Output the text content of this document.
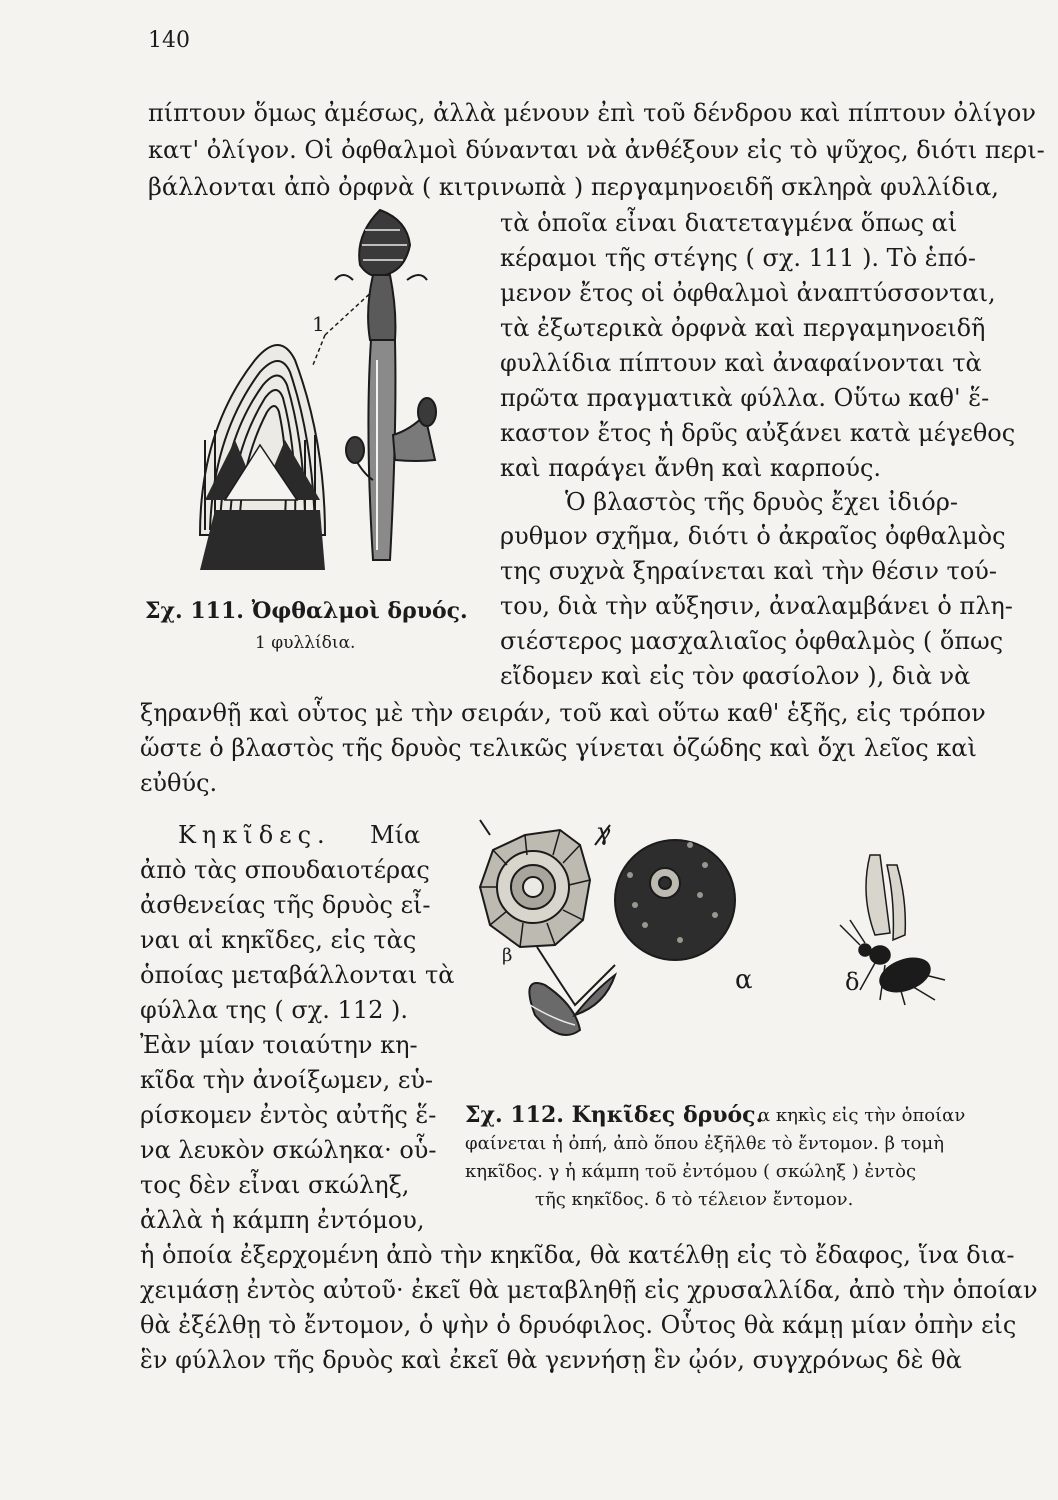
140
πίπτουν ὅμως ἀμέσως, ἀλλὰ μένουν ἐπὶ τοῦ δένδρου καὶ πίπτουν ὀλίγον
κατ' ὀλίγον. Οἱ ὀφθαλμοὶ δύνανται νὰ ἀνθέξουν εἰς τὸ ψῦχος, διότι περι-
βάλλονται ἀπὸ ὀρφνὰ ( κιτρινωπὰ ) περγαμηνοειδῆ σκληρὰ φυλλίδια,
τὰ ὁποῖα εἶναι διατεταγμένα ὅπως αἱ
κέραμοι τῆς στέγης ( σχ. 111 ). Τὸ ἑπό-
μενον ἔτος οἱ ὀφθαλμοὶ ἀναπτύσσονται,
τὰ ἐξωτερικὰ ὀρφνὰ καὶ περγαμηνοειδῆ
φυλλίδια πίπτουν καὶ ἀναφαίνονται τὰ
πρῶτα πραγματικὰ φύλλα. Οὕτω καθ' ἕ-
καστον ἔτος ἡ δρῦς αὐξάνει κατὰ μέγεθος
καὶ παράγει ἄνθη καὶ καρπούς.
Ὁ βλαστὸς τῆς δρυὸς ἔχει ἰδιόρ-
ρυθμον σχῆμα, διότι ὁ ἀκραῖος ὀφθαλμὸς
της συχνὰ ξηραίνεται καὶ τὴν θέσιν τού-
του, διὰ τὴν αὔξησιν, ἀναλαμβάνει ὁ πλη-
σιέστερος μασχαλιαῖος ὀφθαλμὸς ( ὅπως
εἴδομεν καὶ εἰς τὸν φασίολον ), διὰ νὰ
ξηρανθῇ καὶ οὗτος μὲ τὴν σειράν, τοῦ καὶ οὕτω καθ' ἑξῆς, εἰς τρόπον
ὥστε ὁ βλαστὸς τῆς δρυὸς τελικῶς γίνεται ὀζώδης καὶ ὄχι λεῖος καὶ
εὐθύς.
Κηκῖδες. Μία
ἀπὸ τὰς σπουδαιοτέρας
ἀσθενείας τῆς δρυὸς εἶ-
ναι αἱ κηκῖδες, εἰς τὰς
ὁποίας μεταβάλλονται τὰ
φύλλα της ( σχ. 112 ).
Ἐὰν μίαν τοιαύτην κη-
κῖδα τὴν ἀνοίξωμεν, εὑ-
ρίσκομεν ἐντὸς αὐτῆς ἕ-
να λευκὸν σκώληκα· οὗ-
τος δὲν εἶναι σκώληξ,
ἀλλὰ ἡ κάμπη ἐντόμου,
ἡ ὁποία ἐξερχομένη ἀπὸ τὴν κηκῖδα, θὰ κατέλθῃ εἰς τὸ ἔδαφος, ἵνα δια-
χειμάσῃ ἐντὸς αὐτοῦ· ἐκεῖ θὰ μεταβληθῇ εἰς χρυσαλλίδα, ἀπὸ τὴν ὁποίαν
θὰ ἐξέλθῃ τὸ ἔντομον, ὁ ψὴν ὁ δρυόφιλος. Οὗτος θὰ κάμῃ μίαν ὀπὴν εἰς
ἓν φύλλον τῆς δρυὸς καὶ ἐκεῖ θὰ γεννήσῃ ἓν ᾠόν, συγχρόνως δὲ θὰ
1
Σχ. 111. Ὀφθαλμοὶ δρυός.
1 φυλλίδια.
γ
β
α	δ
Σχ. 112. Κηκῖδες δρυός.
α κηκὶς εἰς τὴν ὁποίαν
φαίνεται ἡ ὀπή, ἀπὸ ὅπου ἐξῆλθε τὸ ἔντομον. β τομὴ
κηκῖδος. γ ἡ κάμπη τοῦ ἐντόμου ( σκώληξ ) ἐντὸς
τῆς κηκῖδος. δ τὸ τέλειον ἔντομον.
